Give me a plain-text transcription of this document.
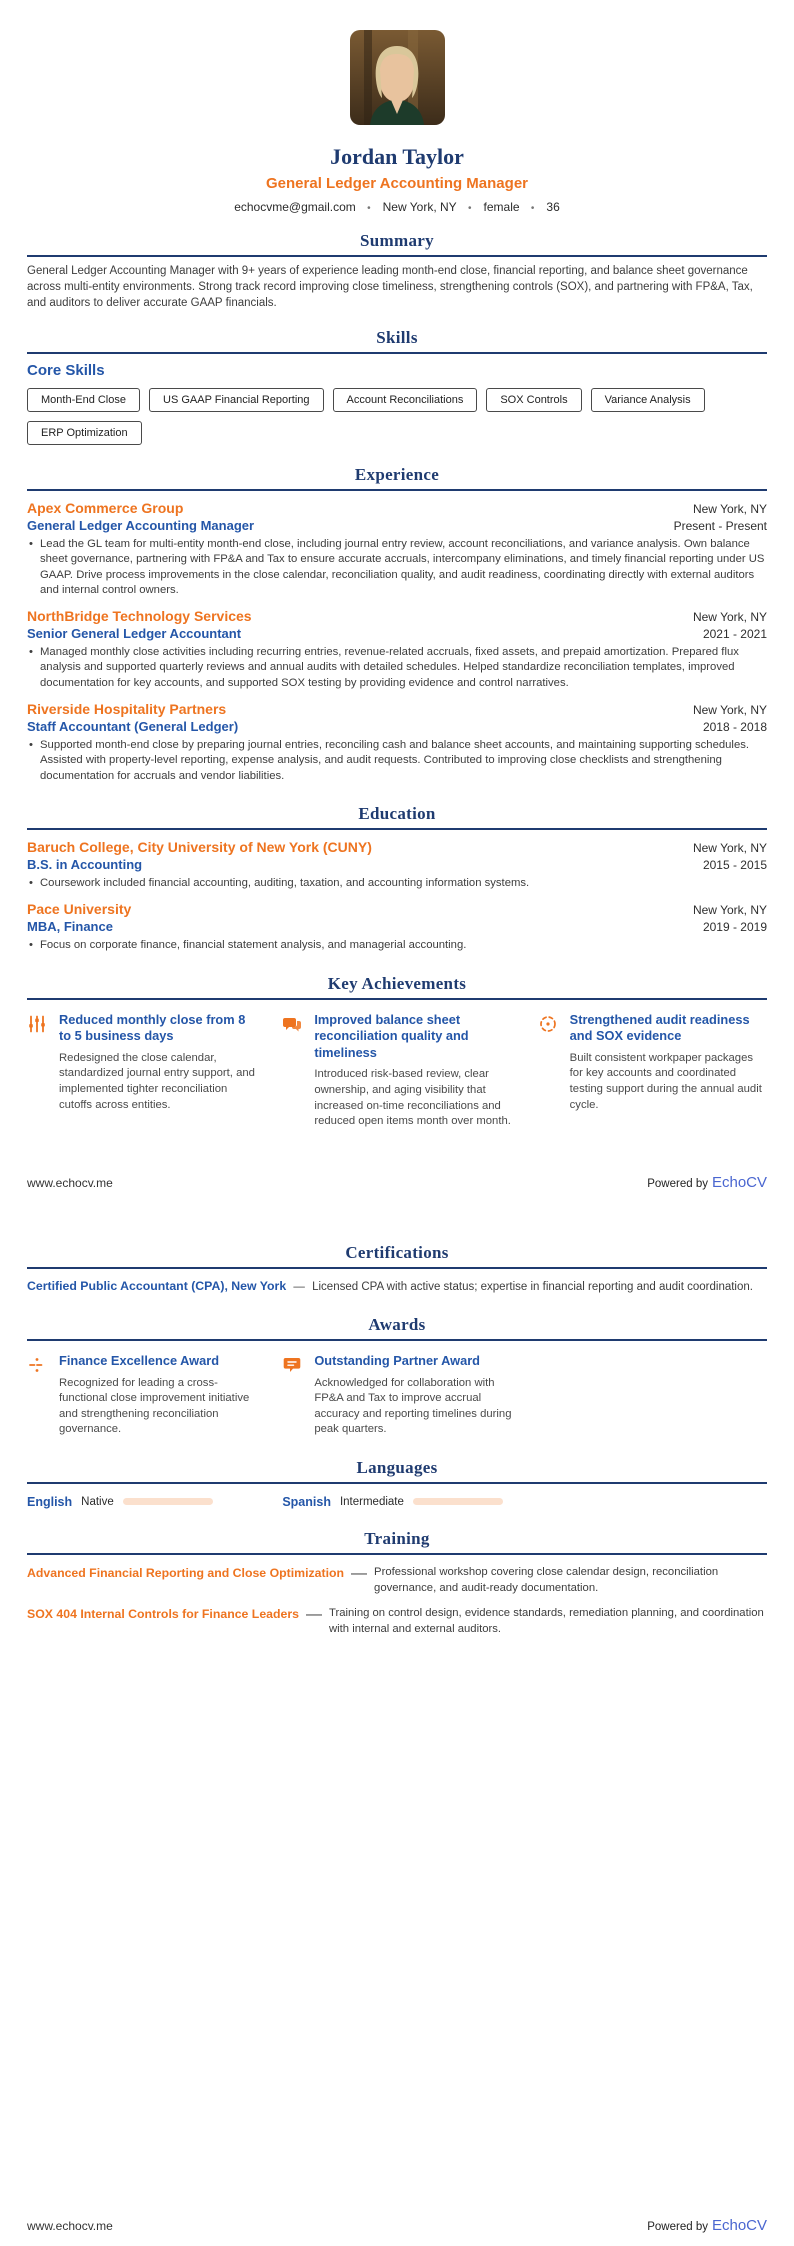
Jordan Taylor
General Ledger Accounting Manager
echocvme@gmail.com • New York, NY • female • 36
Summary
General Ledger Accounting Manager with 9+ years of experience leading month-end close, financial reporting, and balance sheet governance across multi-entity environments. Strong track record improving close timeliness, strengthening controls (SOX), and partnering with FP&A, Tax, and auditors to deliver accurate GAAP financials.
Skills
Core Skills
Month-End Close	US GAAP Financial Reporting	Account Reconciliations	SOX Controls	Variance Analysis
ERP Optimization
Experience
Apex Commerce Group	New York, NY
General Ledger Accounting Manager	Present - Present
• Lead the GL team for multi-entity month-end close, including journal entry review, account reconciliations, and variance analysis. Own balance sheet governance, partnering with FP&A and Tax to ensure accurate accruals, intercompany eliminations, and timely financial reporting under US GAAP. Drive process improvements in the close calendar, reconciliation quality, and audit readiness, coordinating directly with external auditors and internal control owners.
NorthBridge Technology Services	New York, NY
Senior General Ledger Accountant	2021 - 2021
• Managed monthly close activities including recurring entries, revenue-related accruals, fixed assets, and prepaid amortization. Prepared flux analysis and supported quarterly reviews and annual audits with detailed schedules. Helped standardize reconciliation templates, improved documentation for key accounts, and supported SOX testing by providing evidence and control narratives.
Riverside Hospitality Partners	New York, NY
Staff Accountant (General Ledger)	2018 - 2018
• Supported month-end close by preparing journal entries, reconciling cash and balance sheet accounts, and maintaining supporting schedules. Assisted with property-level reporting, expense analysis, and audit requests. Contributed to improving close checklists and strengthening documentation for accruals and vendor liabilities.
Education
Baruch College, City University of New York (CUNY)	New York, NY
B.S. in Accounting	2015 - 2015
• Coursework included financial accounting, auditing, taxation, and accounting information systems.
Pace University	New York, NY
MBA, Finance	2019 - 2019
• Focus on corporate finance, financial statement analysis, and managerial accounting.
Key Achievements
Reduced monthly close from 8 to 5 business days
Redesigned the close calendar, standardized journal entry support, and implemented tighter reconciliation cutoffs across entities.
Improved balance sheet reconciliation quality and timeliness
Introduced risk-based review, clear ownership, and aging visibility that increased on-time reconciliations and reduced open items month over month.
Strengthened audit readiness and SOX evidence
Built consistent workpaper packages for key accounts and coordinated testing support during the annual audit cycle.
www.echocv.me	Powered by EchoCV
Certifications
Certified Public Accountant (CPA), New York — Licensed CPA with active status; expertise in financial reporting and audit coordination.
Awards
Finance Excellence Award
Recognized for leading a cross-functional close improvement initiative and strengthening reconciliation governance.
Outstanding Partner Award
Acknowledged for collaboration with FP&A and Tax to improve accrual accuracy and reporting timelines during peak quarters.
Languages
English Native	Spanish Intermediate
Training
Advanced Financial Reporting and Close Optimization — Professional workshop covering close calendar design, reconciliation governance, and audit-ready documentation.
SOX 404 Internal Controls for Finance Leaders — Training on control design, evidence standards, remediation planning, and coordination with internal and external auditors.
www.echocv.me	Powered by EchoCV
